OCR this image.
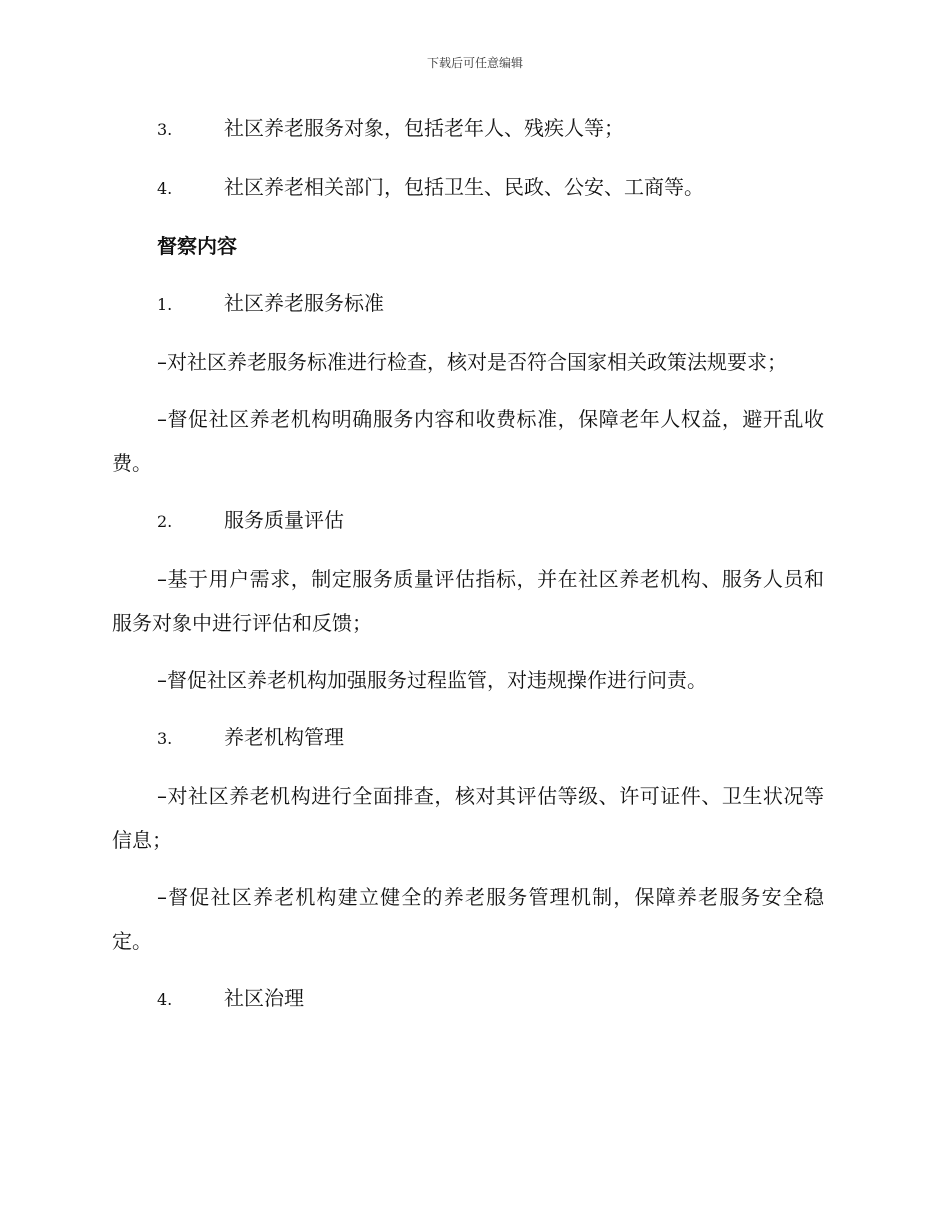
下载后可任意编辑
3.	社区养老服务对象，包括老年人、残疾人等；
4.	社区养老相关部门，包括卫生、民政、公安、工商等。
督察内容
1.	社区养老服务标准

–对社区养老服务标准进行检查，核对是否符合国家相关政策法规要求；

–督促社区养老机构明确服务内容和收费标准，保障老年人权益，避开乱收费。

2.	服务质量评估

–基于用户需求，制定服务质量评估指标，并在社区养老机构、服务人员和服务对象中进行评估和反馈；

–督促社区养老机构加强服务过程监管，对违规操作进行问责。

3.	养老机构管理

–对社区养老机构进行全面排查，核对其评估等级、许可证件、卫生状况等信息；

–督促社区养老机构建立健全的养老服务管理机制，保障养老服务安全稳定。

4.	社区治理
